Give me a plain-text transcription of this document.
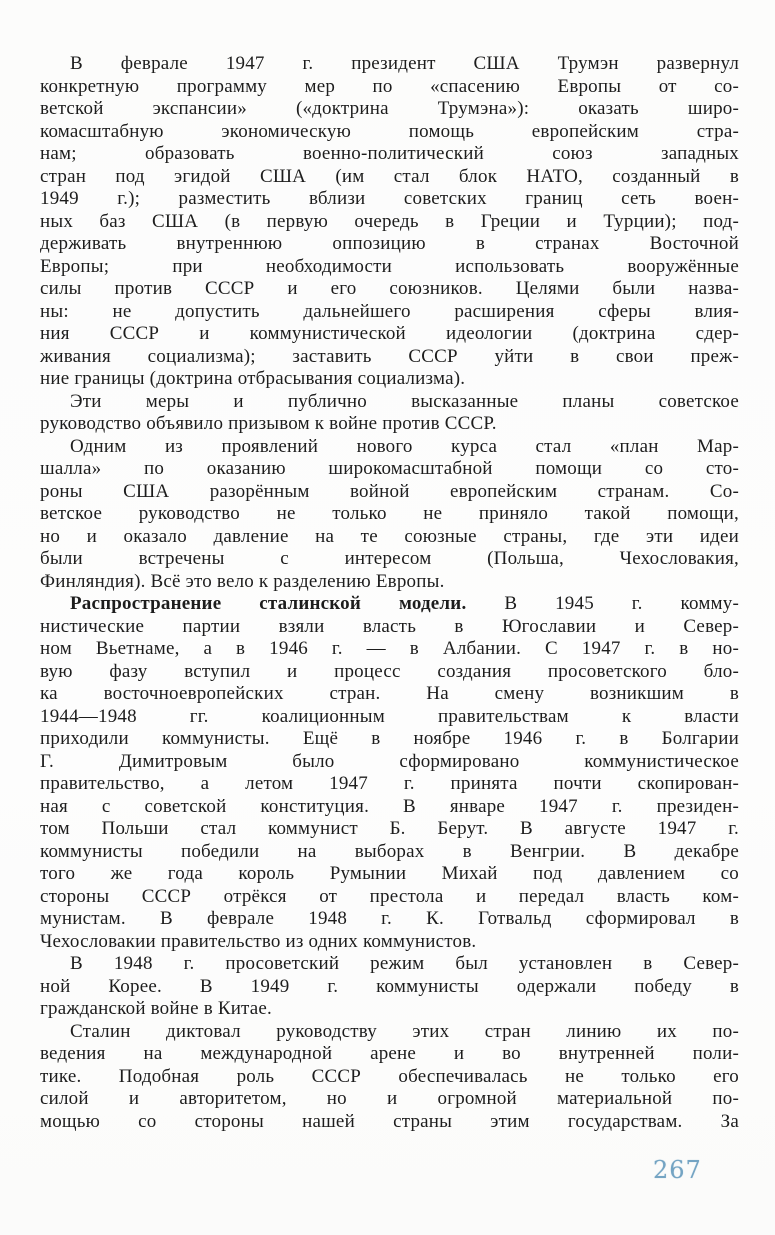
В феврале 1947 г. президент США Трумэн развернул
конкретную программу мер по «спасению Европы от со-
ветской экспансии» («доктрина Трумэна»): оказать широ-
комасштабную экономическую помощь европейским стра-
нам; образовать военно-политический союз западных
стран под эгидой США (им стал блок НАТО, созданный в
1949 г.); разместить вблизи советских границ сеть воен-
ных баз США (в первую очередь в Греции и Турции); под-
держивать внутреннюю оппозицию в странах Восточной
Европы; при необходимости использовать вооружённые
силы против СССР и его союзников. Целями были назва-
ны: не допустить дальнейшего расширения сферы влия-
ния СССР и коммунистической идеологии (доктрина сдер-
живания социализма); заставить СССР уйти в свои преж-
ние границы (доктрина отбрасывания социализма).
Эти меры и публично высказанные планы советское
руководство объявило призывом к войне против СССР.
Одним из проявлений нового курса стал «план Мар-
шалла» по оказанию широкомасштабной помощи со сто-
роны США разорённым войной европейским странам. Со-
ветское руководство не только не приняло такой помощи,
но и оказало давление на те союзные страны, где эти идеи
были встречены с интересом (Польша, Чехословакия,
Финляндия). Всё это вело к разделению Европы.
Распространение сталинской модели. В 1945 г. комму-
нистические партии взяли власть в Югославии и Север-
ном Вьетнаме, а в 1946 г. — в Албании. С 1947 г. в но-
вую фазу вступил и процесс создания просоветского бло-
ка восточноевропейских стран. На смену возникшим в
1944—1948 гг. коалиционным правительствам к власти
приходили коммунисты. Ещё в ноябре 1946 г. в Болгарии
Г. Димитровым было сформировано коммунистическое
правительство, а летом 1947 г. принята почти скопирован-
ная с советской конституция. В январе 1947 г. президен-
том Польши стал коммунист Б. Берут. В августе 1947 г.
коммунисты победили на выборах в Венгрии. В декабре
того же года король Румынии Михай под давлением со
стороны СССР отрёкся от престола и передал власть ком-
мунистам. В феврале 1948 г. К. Готвальд сформировал в
Чехословакии правительство из одних коммунистов.
В 1948 г. просоветский режим был установлен в Север-
ной Корее. В 1949 г. коммунисты одержали победу в
гражданской войне в Китае.
Сталин диктовал руководству этих стран линию их по-
ведения на международной арене и во внутренней поли-
тике. Подобная роль СССР обеспечивалась не только его
силой и авторитетом, но и огромной материальной по-
мощью со стороны нашей страны этим государствам. За
267
